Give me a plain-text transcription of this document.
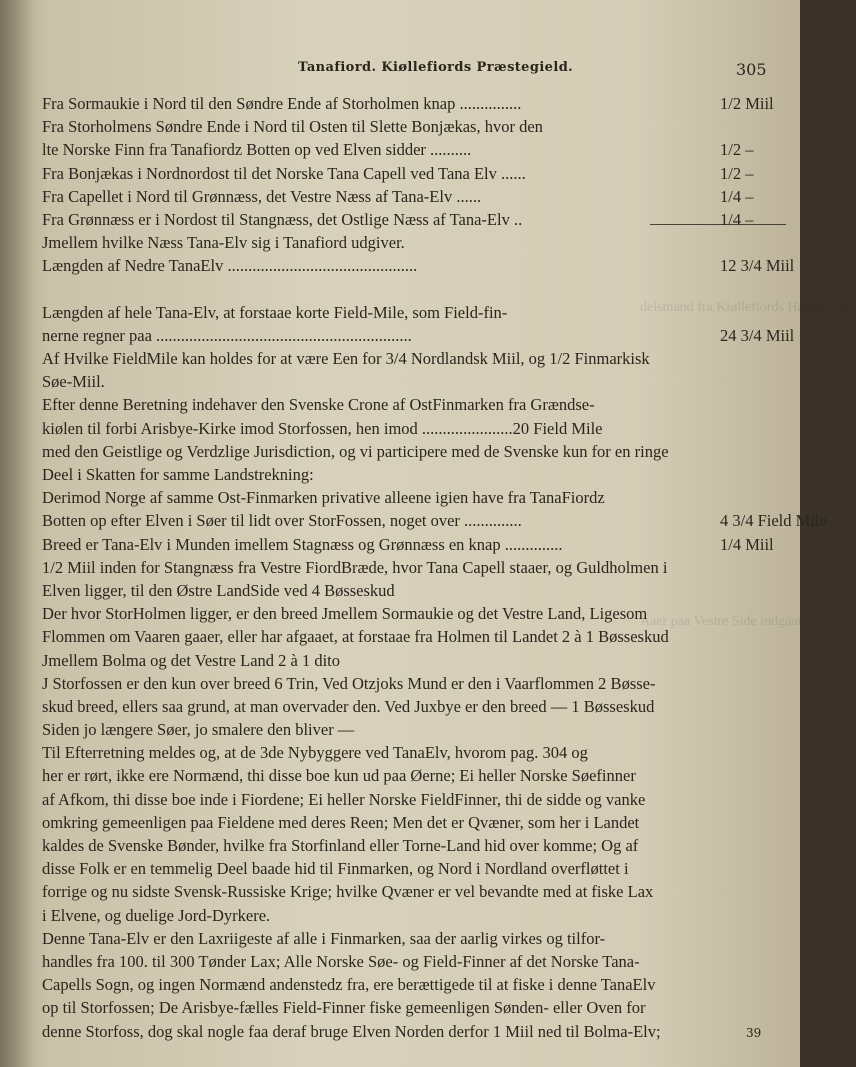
delsmand fra Kiøllefiords Handelssted
Aaer paa Vestre Side indgaaende
Tanafiord. Kiøllefiords Præstegield.	305
Fra Sormaukie i Nord til den Søndre Ende af Storholmen knap ...............	1/2 Miil
Fra Storholmens Søndre Ende i Nord til Osten til Slette Bonjækas, hvor den
lte Norske Finn fra Tanafiordz Botten op ved Elven sidder ..........	1/2 –
Fra Bonjækas i Nordnordost til det Norske Tana Capell ved Tana Elv ......	1/2 –
Fra Capellet i Nord til Grønnæss, det Vestre Næss af Tana-Elv ......	1/4 –
Fra Grønnæss er i Nordost til Stangnæss, det Ostlige Næss af Tana-Elv ..	1/4 –
Jmellem hvilke Næss Tana-Elv sig i Tanafiord udgiver.
Længden af Nedre TanaElv ..............................................	12 3/4 Miil
Længden af hele Tana-Elv, at forstaae korte Field-Mile, som Field-fin-
nerne regner paa ..............................................................	24 3/4 Miil
Af Hvilke FieldMile kan holdes for at være Een for 3/4 Nordlandsk Miil, og 1/2 Finmarkisk
Søe-Miil.
Efter denne Beretning indehaver den Svenske Crone af OstFinmarken fra Grændse-
kiølen til forbi Arisbye-Kirke imod Storfossen, hen imod ......................20 Field Mile
med den Geistlige og Verdzlige Jurisdiction, og vi participere med de Svenske kun for en ringe
Deel i Skatten for samme Landstrekning:
Derimod Norge af samme Ost-Finmarken privative alleene igien have fra TanaFiordz
Botten op efter Elven i Søer til lidt over StorFossen, noget over ..............	4 3/4 Field Mile
Breed er Tana-Elv i Munden imellem Stagnæss og Grønnæss en knap ..............	1/4 Miil
1/2 Miil inden for Stangnæss fra Vestre FiordBræde, hvor Tana Capell staaer, og Guldholmen i
Elven ligger, til den Østre LandSide ved 4 Bøsseskud
Der hvor StorHolmen ligger, er den breed Jmellem Sormaukie og det Vestre Land, Ligesom
Flommen om Vaaren gaaer, eller har afgaaet, at forstaae fra Holmen til Landet 2 à 1 Bøsseskud
Jmellem Bolma og det Vestre Land 2 à 1 dito
J Storfossen er den kun over breed 6 Trin, Ved Otzjoks Mund er den i Vaarflommen 2 Bøsse-
skud breed, ellers saa grund, at man overvader den. Ved Juxbye er den breed — 1 Bøsseskud
Siden jo længere Søer, jo smalere den bliver —
Til Efterretning meldes og, at de 3de Nybyggere ved TanaElv, hvorom pag. 304 og
her er rørt, ikke ere Normænd, thi disse boe kun ud paa Øerne; Ei heller Norske Søefinner
af Afkom, thi disse boe inde i Fiordene; Ei heller Norske FieldFinner, thi de sidde og vanke
omkring gemeenligen paa Fieldene med deres Reen; Men det er Qvæner, som her i Landet
kaldes de Svenske Bønder, hvilke fra Storfinland eller Torne-Land hid over komme; Og af
disse Folk er en temmelig Deel baade hid til Finmarken, og Nord i Nordland overfløttet i
forrige og nu sidste Svensk-Russiske Krige; hvilke Qvæner er vel bevandte med at fiske Lax
i Elvene, og duelige Jord-Dyrkere.
Denne Tana-Elv er den Laxriigeste af alle i Finmarken, saa der aarlig virkes og tilfor-
handles fra 100. til 300 Tønder Lax; Alle Norske Søe- og Field-Finner af det Norske Tana-
Capells Sogn, og ingen Normænd andenstedz fra, ere berættigede til at fiske i denne TanaElv
op til Storfossen; De Arisbye-fælles Field-Finner fiske gemeenligen Sønden- eller Oven for
denne Storfoss, dog skal nogle faa deraf bruge Elven Norden derfor 1 Miil ned til Bolma-Elv;	39
